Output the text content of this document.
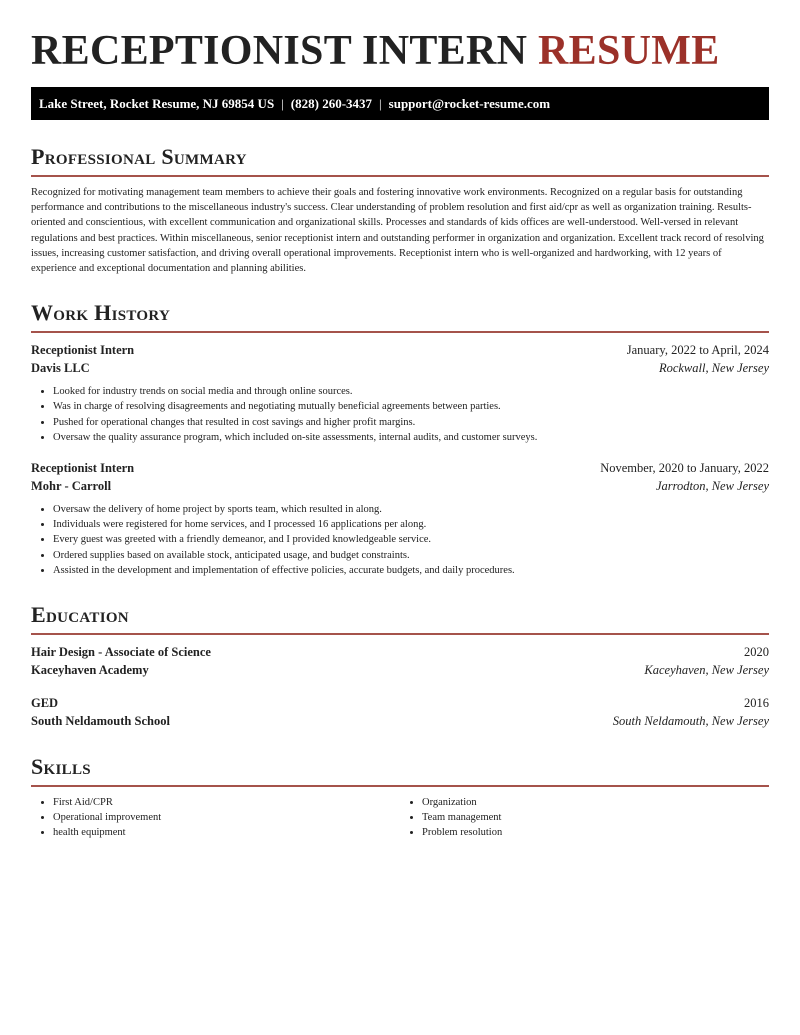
RECEPTIONIST INTERN RESUME
Lake Street, Rocket Resume, NJ 69854 US | (828) 260-3437 | support@rocket-resume.com
Professional Summary

Recognized for motivating management team members to achieve their goals and fostering innovative work environments. Recognized on a regular basis for outstanding performance and contributions to the miscellaneous industry's success. Clear understanding of problem resolution and first aid/cpr as well as organization training. Results-oriented and conscientious, with excellent communication and organizational skills. Processes and standards of kids offices are well-understood. Well-versed in relevant regulations and best practices. Within miscellaneous, senior receptionist intern and outstanding performer in organization and organization. Excellent track record of resolving issues, increasing customer satisfaction, and driving overall operational improvements. Receptionist intern who is well-organized and hardworking, with 12 years of experience and exceptional documentation and planning abilities.

Work History
Receptionist Intern	January, 2022 to April, 2024
Davis LLC	Rockwall, New Jersey
• Looked for industry trends on social media and through online sources.
• Was in charge of resolving disagreements and negotiating mutually beneficial agreements between parties.
• Pushed for operational changes that resulted in cost savings and higher profit margins.
• Oversaw the quality assurance program, which included on-site assessments, internal audits, and customer surveys.
Receptionist Intern	November, 2020 to January, 2022
Mohr - Carroll	Jarrodton, New Jersey
• Oversaw the delivery of home project by sports team, which resulted in along.
• Individuals were registered for home services, and I processed 16 applications per along.
• Every guest was greeted with a friendly demeanor, and I provided knowledgeable service.
• Ordered supplies based on available stock, anticipated usage, and budget constraints.
• Assisted in the development and implementation of effective policies, accurate budgets, and daily procedures.
Education
Hair Design - Associate of Science	2020
Kaceyhaven Academy	Kaceyhaven, New Jersey
GED	2016
South Neldamouth School	South Neldamouth, New Jersey
Skills
• First Aid/CPR
• Operational improvement
• health equipment
• Organization
• Team management
• Problem resolution
